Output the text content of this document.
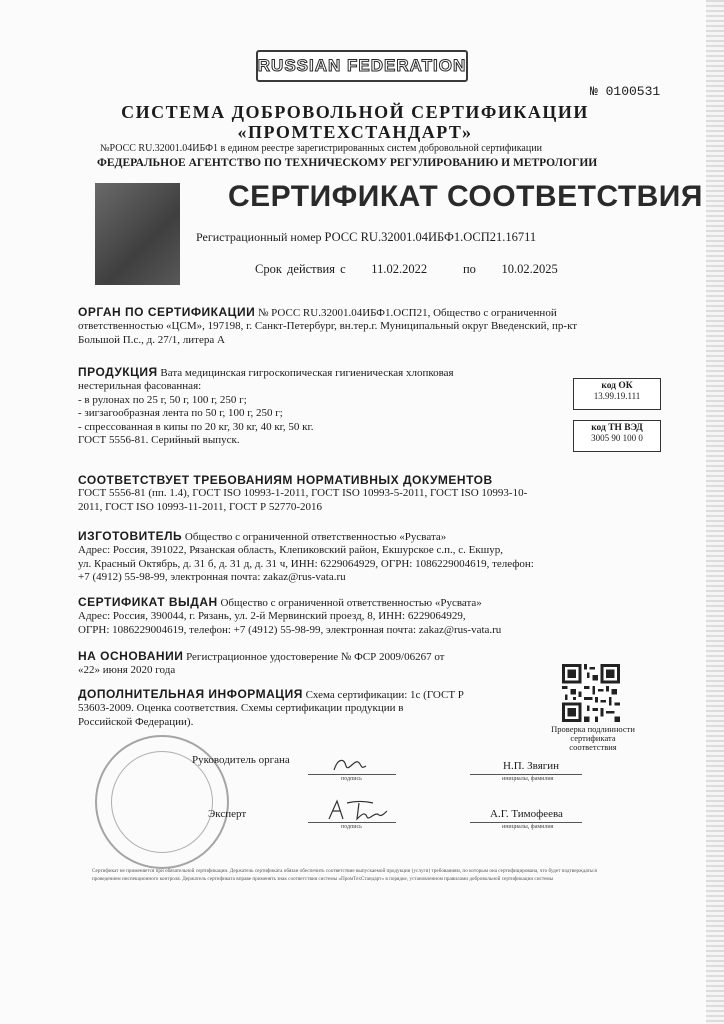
RUSSIAN FEDERATION
№ 0100531
СИСТЕМА ДОБРОВОЛЬНОЙ СЕРТИФИКАЦИИ
«ПРОМТЕХСТАНДАРТ»
№РОСС RU.32001.04ИБФ1 в едином реестре зарегистрированных систем добровольной сертификации
ФЕДЕРАЛЬНОЕ АГЕНТСТВО ПО ТЕХНИЧЕСКОМУ РЕГУЛИРОВАНИЮ И МЕТРОЛОГИИ
СЕРТИФИКАТ СООТВЕТСТВИЯ
Регистрационный номер РОСС RU.32001.04ИБФ1.ОСП21.16711
Срок действия с 11.02.2022	по 10.02.2025
ОРГАН ПО СЕРТИФИКАЦИИ № РОСС RU.32001.04ИБФ1.ОСП21, Общество с ограниченной
ответственностью «ЦСМ», 197198, г. Санкт-Петербург, вн.тер.г. Муниципальный округ Введенский, пр-кт
Большой П.с., д. 27/1, литера А
ПРОДУКЦИЯ Вата медицинская гигроскопическая гигиеническая хлопковая
нестерильная фасованная:
- в рулонах по 25 г, 50 г, 100 г, 250 г;
- зигзагообразная лента по 50 г, 100 г, 250 г;
- спрессованная в кипы по 20 кг, 30 кг, 40 кг, 50 кг.
ГОСТ 5556-81. Серийный выпуск.
код ОК
13.99.19.111
код ТН ВЭД
3005 90 100 0
СООТВЕТСТВУЕТ ТРЕБОВАНИЯМ НОРМАТИВНЫХ ДОКУМЕНТОВ
ГОСТ 5556-81 (пп. 1.4), ГОСТ ISO 10993-1-2011, ГОСТ ISO 10993-5-2011, ГОСТ ISO 10993-10-
2011, ГОСТ ISO 10993-11-2011, ГОСТ Р 52770-2016
ИЗГОТОВИТЕЛЬ Общество с ограниченной ответственностью «Русвата»
Адрес: Россия, 391022, Рязанская область, Клепиковский район, Екшурское с.п., с. Екшур,
ул. Красный Октябрь, д. 31 б, д. 31 д, д. 31 ч, ИНН: 6229064929, ОГРН: 1086229004619, телефон:
+7 (4912) 55-98-99, электронная почта: zakaz@rus-vata.ru
СЕРТИФИКАТ ВЫДАН Общество с ограниченной ответственностью «Русвата»
Адрес: Россия, 390044, г. Рязань, ул. 2-й Мервинский проезд, 8, ИНН: 6229064929,
ОГРН: 1086229004619, телефон: +7 (4912) 55-98-99, электронная почта: zakaz@rus-vata.ru
НА ОСНОВАНИИ Регистрационное удостоверение № ФСР 2009/06267 от
«22» июня 2020 года
ДОПОЛНИТЕЛЬНАЯ ИНФОРМАЦИЯ Схема сертификации: 1с (ГОСТ Р
53603-2009. Оценка соответствия. Схемы сертификации продукции в
Российской Федерации).
Проверка подлинности сертификата соответствия
Руководитель органа
подпись
Н.П. Звягин
инициалы, фамилия
Эксперт
подпись
А.Г. Тимофеева
инициалы, фамилия
Сертификат не применяется при обязательной сертификации. Держатель сертификата обязан обеспечить соответствие выпускаемой продукции (услуги) требованиям, по которым она сертифицирована, что будет подтверждаться
проведением инспекционного контроля. Держатель сертификата вправе применять знак соответствия системы «ПромТехСтандарт» в порядке, установленном правилами добровольной сертификации системы
